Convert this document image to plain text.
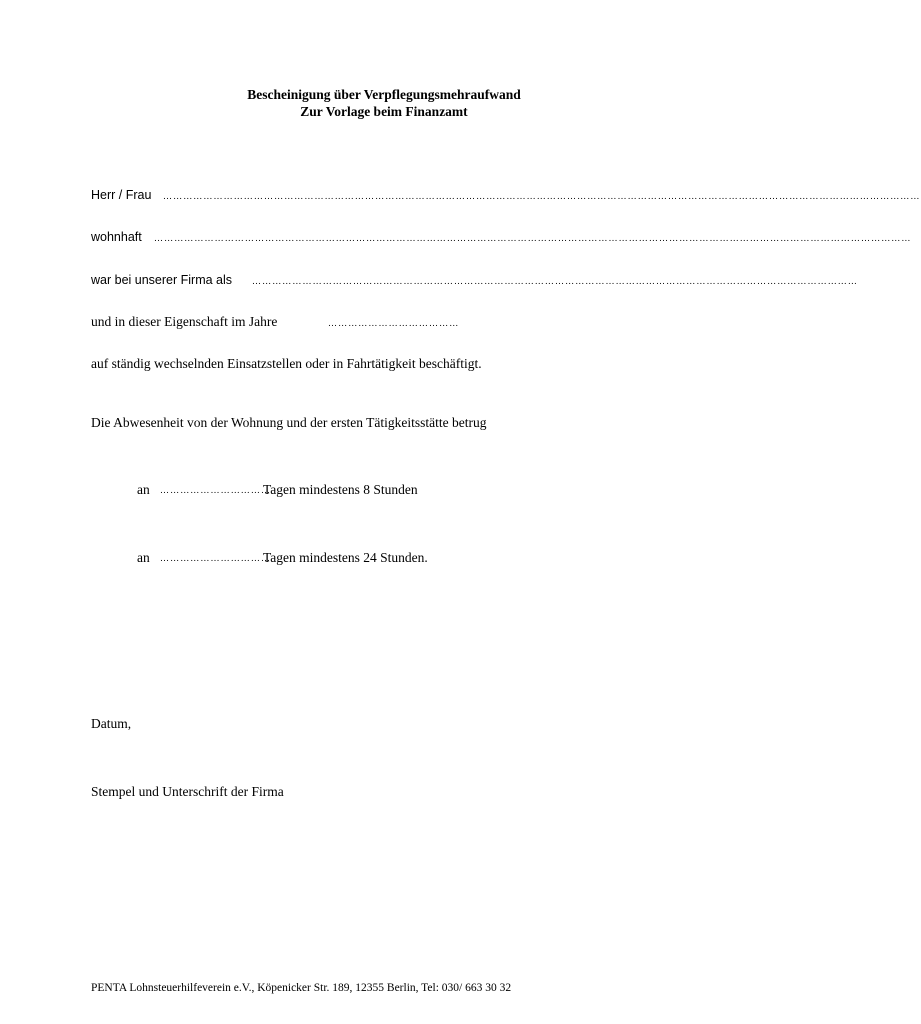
Bescheinigung über Verpflegungsmehraufwand
Zur Vorlage beim Finanzamt
Herr / Frau ………………………………………………………………………………………………………………………………………………………………………………………………………
wohnhaft ………………………………………………………………………………………………………………………………………………………………………………………………………
war bei unserer Firma als ………………………………………………………………………………………………………………………………………………………………
und in dieser Eigenschaft im Jahre	…………………………………
auf ständig wechselnden Einsatzstellen oder in Fahrtätigkeit beschäftigt.
Die Abwesenheit von der Wohnung und der ersten Tätigkeitsstätte betrug
an ……………………………
Tagen mindestens 8 Stunden
an ……………………………
Tagen mindestens 24 Stunden.
Datum,
Stempel und Unterschrift der Firma
PENTA Lohnsteuerhilfeverein e.V., Köpenicker Str. 189, 12355 Berlin, Tel: 030/ 663 30 32
